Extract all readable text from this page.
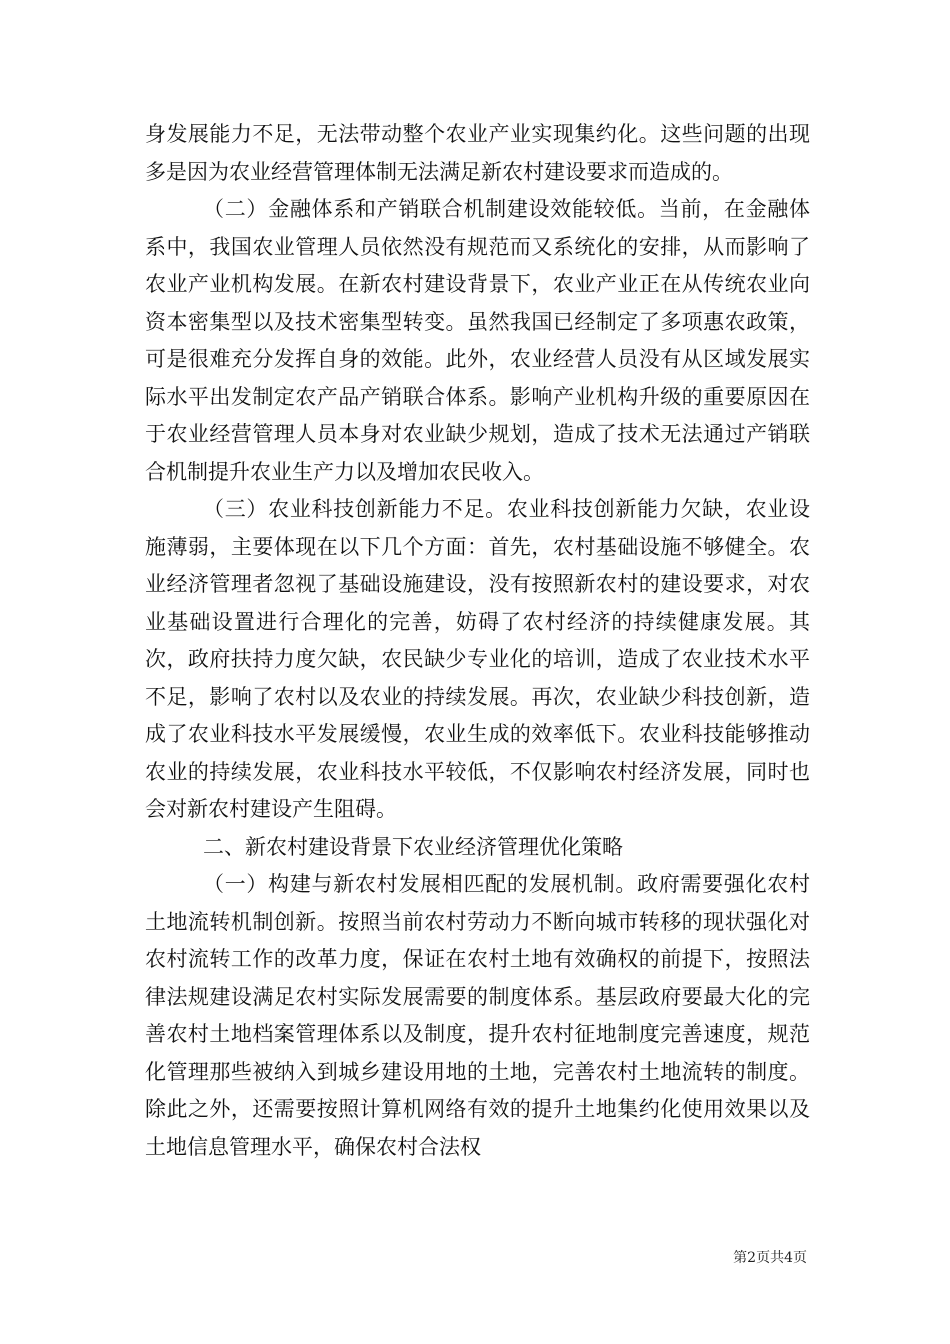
身发展能力不足，无法带动整个农业产业实现集约化。这些问题的出现多是因为农业经营管理体制无法满足新农村建设要求而造成的。

（二）金融体系和产销联合机制建设效能较低。当前，在金融体系中，我国农业管理人员依然没有规范而又系统化的安排，从而影响了农业产业机构发展。在新农村建设背景下，农业产业正在从传统农业向资本密集型以及技术密集型转变。虽然我国已经制定了多项惠农政策，可是很难充分发挥自身的效能。此外，农业经营人员没有从区域发展实际水平出发制定农产品产销联合体系。影响产业机构升级的重要原因在于农业经营管理人员本身对农业缺少规划，造成了技术无法通过产销联合机制提升农业生产力以及增加农民收入。

（三）农业科技创新能力不足。农业科技创新能力欠缺，农业设施薄弱，主要体现在以下几个方面：首先，农村基础设施不够健全。农业经济管理者忽视了基础设施建设，没有按照新农村的建设要求，对农业基础设置进行合理化的完善，妨碍了农村经济的持续健康发展。其次，政府扶持力度欠缺，农民缺少专业化的培训，造成了农业技术水平不足，影响了农村以及农业的持续发展。再次，农业缺少科技创新，造成了农业科技水平发展缓慢，农业生成的效率低下。农业科技能够推动农业的持续发展，农业科技水平较低，不仅影响农村经济发展，同时也会对新农村建设产生阻碍。

二、新农村建设背景下农业经济管理优化策略

（一）构建与新农村发展相匹配的发展机制。政府需要强化农村土地流转机制创新。按照当前农村劳动力不断向城市转移的现状强化对农村流转工作的改革力度，保证在农村土地有效确权的前提下，按照法律法规建设满足农村实际发展需要的制度体系。基层政府要最大化的完善农村土地档案管理体系以及制度，提升农村征地制度完善速度，规范化管理那些被纳入到城乡建设用地的土地，完善农村土地流转的制度。除此之外，还需要按照计算机网络有效的提升土地集约化使用效果以及土地信息管理水平，确保农村合法权

第2页共4页
